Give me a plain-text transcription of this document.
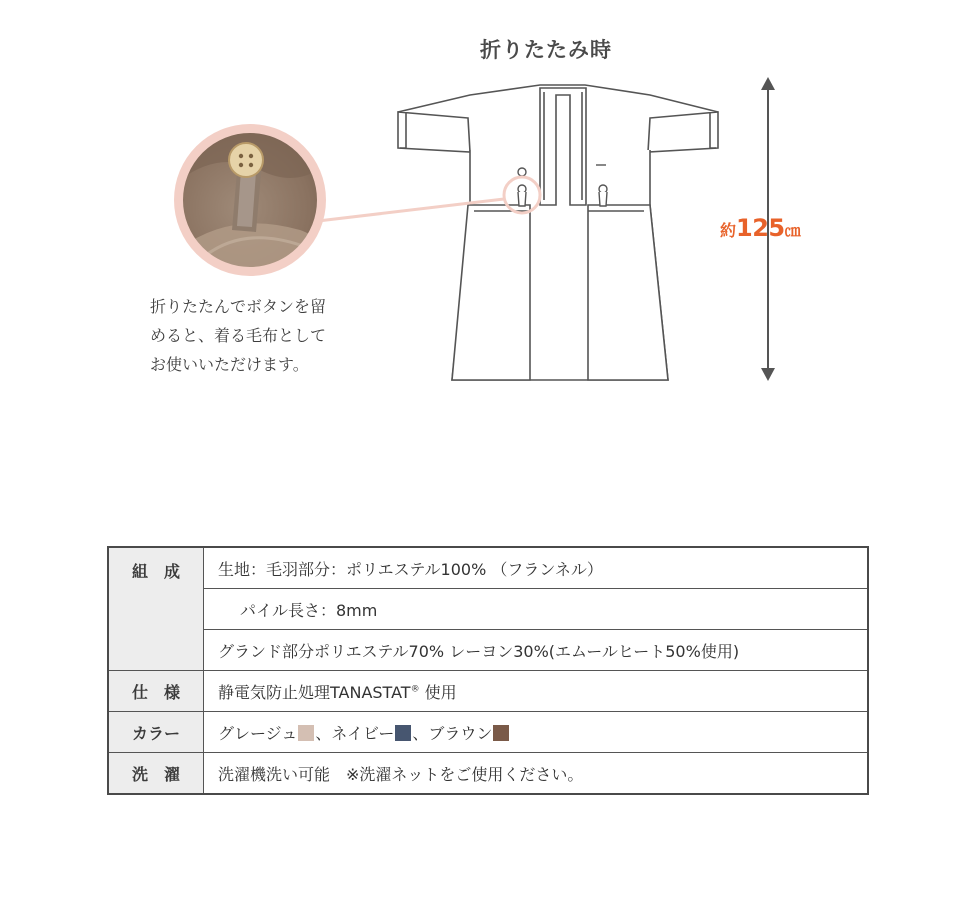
折りたたみ時
約125㎝
折りたたんでボタンを留
めると、着る毛布として
お使いいただけます。
組　成	生地：毛羽部分：ポリエステル100% （フランネル）
	パイル長さ：8mm
	グランド部分ポリエステル70% レーヨン30%(エムールヒート50%使用)
仕　様	静電気防止処理TANASTAT® 使用
カラー	グレージュ 、ネイビー 、ブラウン
洗　濯	洗濯機洗い可能　※洗濯ネットをご使用ください。
